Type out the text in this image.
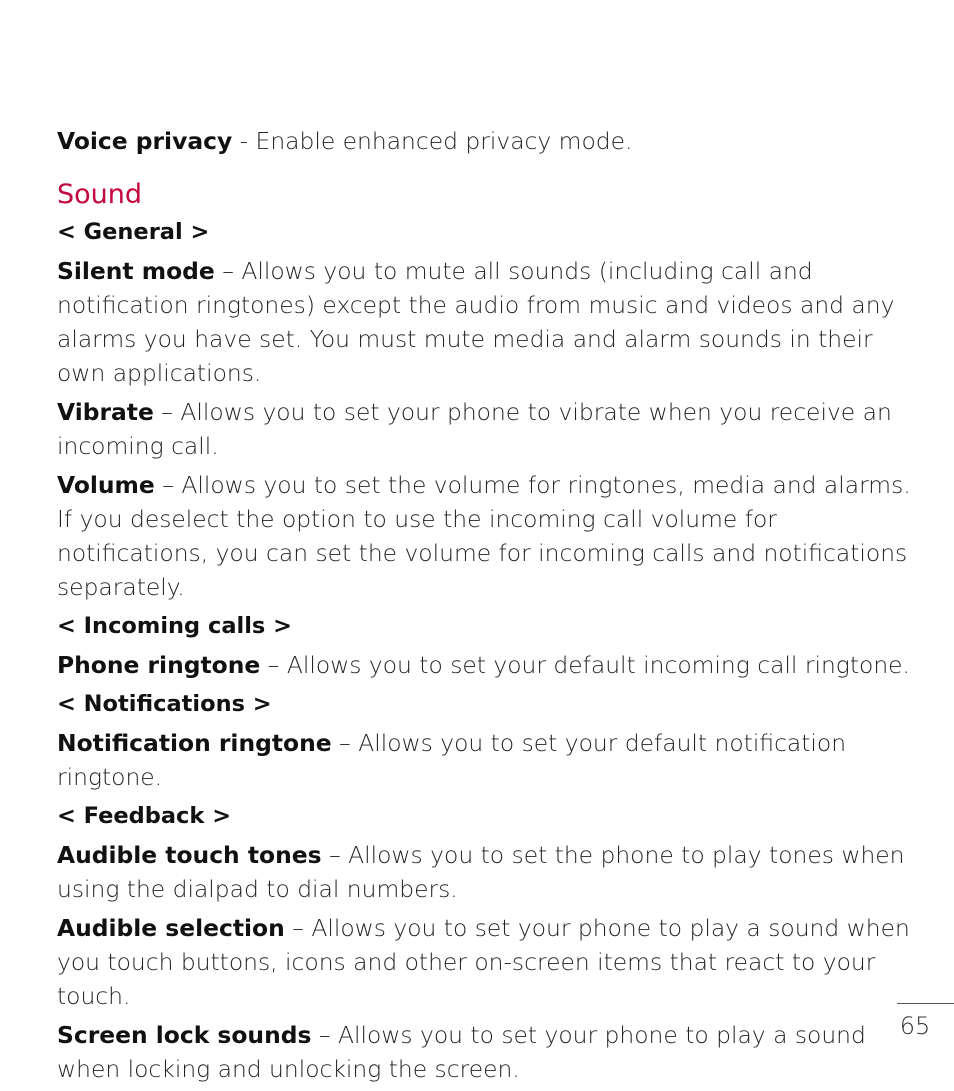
Voice privacy - Enable enhanced privacy mode.

Sound
< General >

Silent mode – Allows you to mute all sounds (including call and notification ringtones) except the audio from music and videos and any alarms you have set. You must mute media and alarm sounds in their own applications.

Vibrate – Allows you to set your phone to vibrate when you receive an incoming call.

Volume – Allows you to set the volume for ringtones, media and alarms. If you deselect the option to use the incoming call volume for notifications, you can set the volume for incoming calls and notifications separately.

< Incoming calls >

Phone ringtone – Allows you to set your default incoming call ringtone.

< Notifications >

Notification ringtone – Allows you to set your default notification ringtone.

< Feedback >

Audible touch tones – Allows you to set the phone to play tones when using the dialpad to dial numbers.

Audible selection – Allows you to set your phone to play a sound when you touch buttons, icons and other on-screen items that react to your touch.

Screen lock sounds – Allows you to set your phone to play a sound when locking and unlocking the screen.

65
